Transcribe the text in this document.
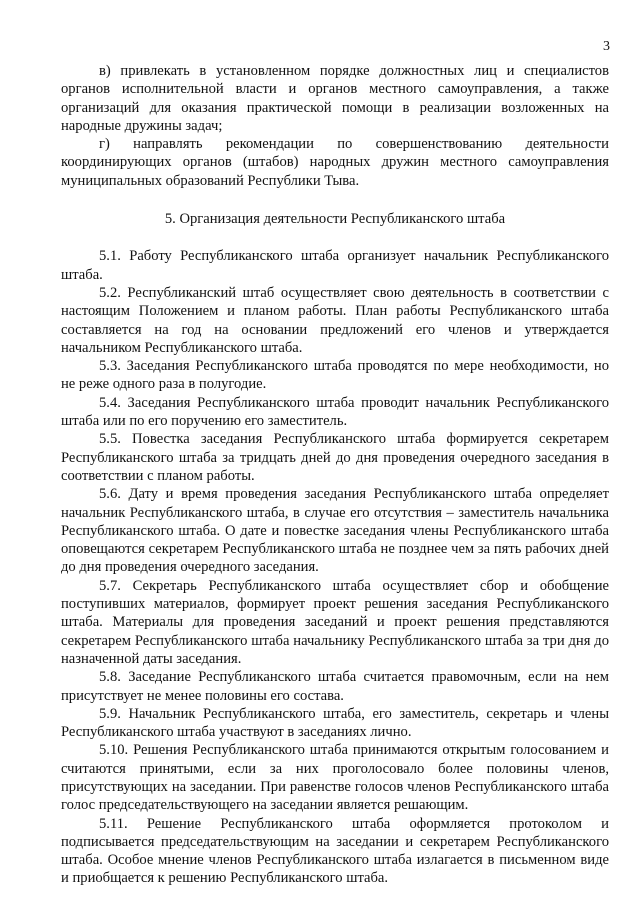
3

в) привлекать в установленном порядке должностных лиц и специалистов органов исполнительной власти и органов местного самоуправления, а также организаций для оказания практической помощи в реализации возложенных на народные дружины задач;

г) направлять рекомендации по совершенствованию деятельности координирующих органов (штабов) народных дружин местного самоуправления муниципальных образований Республики Тыва.

5. Организация деятельности Республиканского штаба

5.1. Работу Республиканского штаба организует начальник Республиканского штаба.

5.2. Республиканский штаб осуществляет свою деятельность в соответствии с настоящим Положением и планом работы. План работы Республиканского штаба составляется на год на основании предложений его членов и утверждается начальником Республиканского штаба.

5.3. Заседания Республиканского штаба проводятся по мере необходимости, но не реже одного раза в полугодие.

5.4. Заседания Республиканского штаба проводит начальник Республиканского штаба или по его поручению его заместитель.

5.5. Повестка заседания Республиканского штаба формируется секретарем Республиканского штаба за тридцать дней до дня проведения очередного заседания в соответствии с планом работы.

5.6. Дату и время проведения заседания Республиканского штаба определяет начальник Республиканского штаба, в случае его отсутствия – заместитель начальника Республиканского штаба. О дате и повестке заседания члены Республиканского штаба оповещаются секретарем Республиканского штаба не позднее чем за пять рабочих дней до дня проведения очередного заседания.

5.7. Секретарь Республиканского штаба осуществляет сбор и обобщение поступивших материалов, формирует проект решения заседания Республиканского штаба. Материалы для проведения заседаний и проект решения представляются секретарем Республиканского штаба начальнику Республиканского штаба за три дня до назначенной даты заседания.

5.8. Заседание Республиканского штаба считается правомочным, если на нем присутствует не менее половины его состава.

5.9. Начальник Республиканского штаба, его заместитель, секретарь и члены Республиканского штаба участвуют в заседаниях лично.

5.10. Решения Республиканского штаба принимаются открытым голосованием и считаются принятыми, если за них проголосовало более половины членов, присутствующих на заседании. При равенстве голосов членов Республиканского штаба голос председательствующего на заседании является решающим.

5.11. Решение Республиканского штаба оформляется протоколом и подписывается председательствующим на заседании и секретарем Республиканского штаба. Особое мнение членов Республиканского штаба излагается в письменном виде и приобщается к решению Республиканского штаба.
